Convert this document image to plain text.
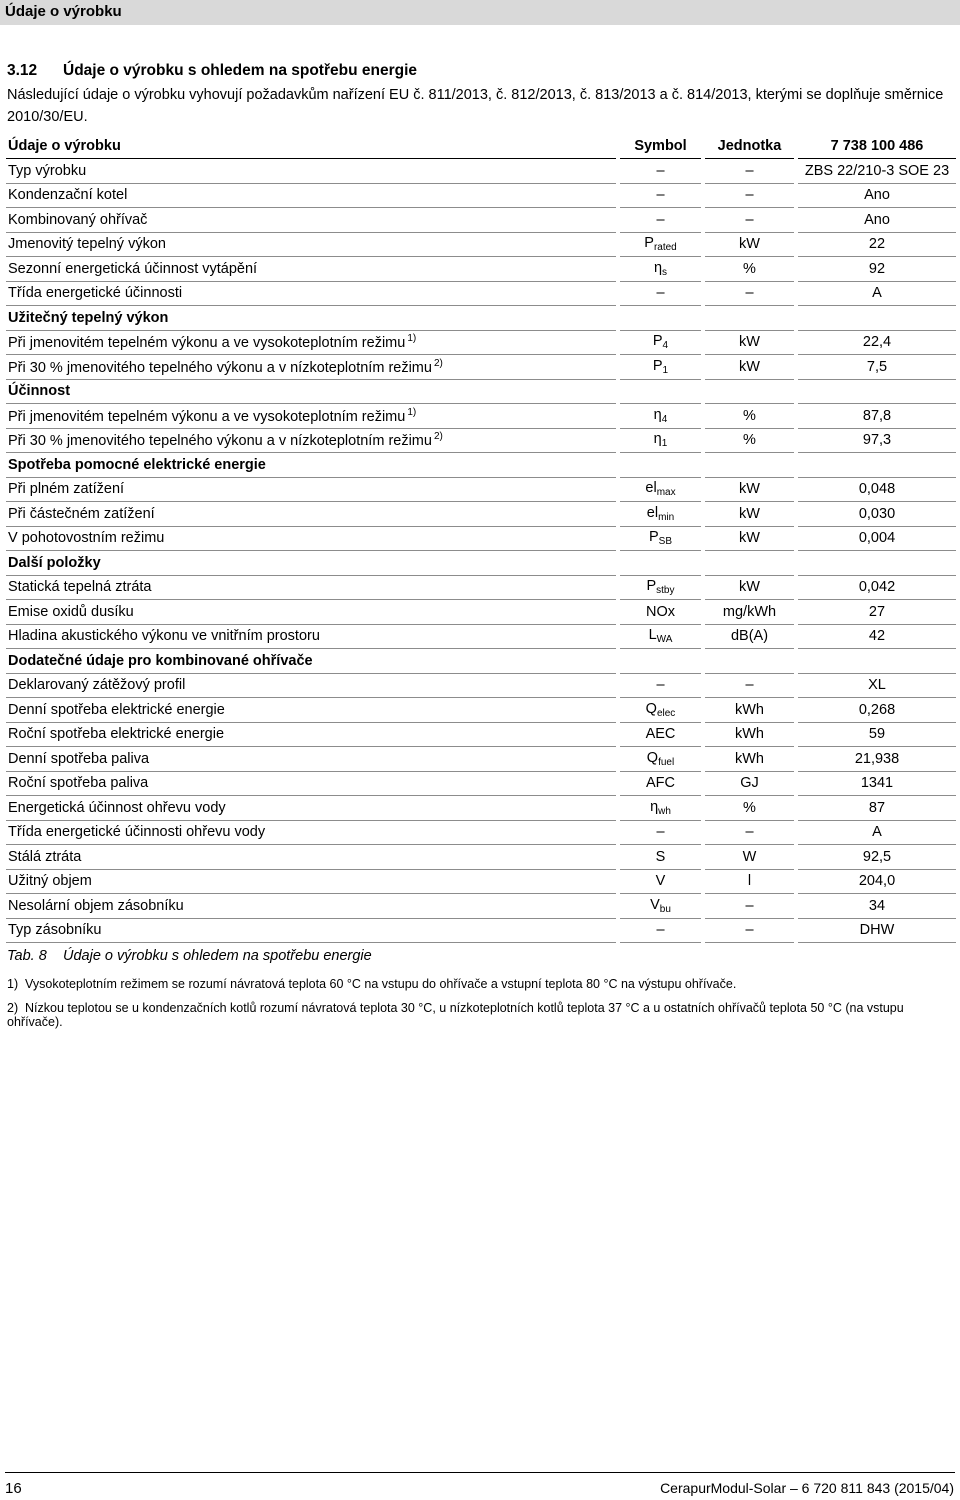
Údaje o výrobku
3.12 Údaje o výrobku s ohledem na spotřebu energie
Následující údaje o výrobku vyhovují požadavkům nařízení EU č. 811/2013, č. 812/2013, č. 813/2013 a č. 814/2013, kterými se doplňuje směrnice 2010/30/EU.
Údaje o výrobku	Symbol	Jednotka	7 738 100 486
Typ výrobku	–	–	ZBS 22/210-3 SOE 23
Kondenzační kotel	–	–	Ano
Kombinovaný ohřívač	–	–	Ano
Jmenovitý tepelný výkon	$P_{rated}$	kW	22
Sezonní energetická účinnost vytápění	$\eta_s$	%	92
Třída energetické účinnosti	–	–	A
Užitečný tepelný výkon			
Při jmenovitém tepelném výkonu a ve vysokoteplotním režimu $^{1)}$	$P_4$	kW	22,4
Při 30 % jmenovitého tepelného výkonu a v nízkoteplotním režimu $^{2)}$	$P_1$	kW	7,5
Účinnost			
Při jmenovitém tepelném výkonu a ve vysokoteplotním režimu $^{1)}$	$\eta_4$	%	87,8
Při 30 % jmenovitého tepelného výkonu a v nízkoteplotním režimu $^{2)}$	$\eta_1$	%	97,3
Spotřeba pomocné elektrické energie			
Při plném zatížení	$el_{max}$	kW	0,048
Při částečném zatížení	$el_{min}$	kW	0,030
V pohotovostním režimu	$P_{SB}$	kW	0,004
Další položky			
Statická tepelná ztráta	$P_{stby}$	kW	0,042
Emise oxidů dusíku	NOx	mg/kWh	27
Hladina akustického výkonu ve vnitřním prostoru	$L_{WA}$	dB(A)	42
Dodatečné údaje pro kombinované ohřívače			
Deklarovaný zátěžový profil	–	–	XL
Denní spotřeba elektrické energie	$Q_{elec}$	kWh	0,268
Roční spotřeba elektrické energie	AEC	kWh	59
Denní spotřeba paliva	$Q_{fuel}$	kWh	21,938
Roční spotřeba paliva	AFC	GJ	1341
Energetická účinnost ohřevu vody	$\eta_{wh}$	%	87
Třída energetické účinnosti ohřevu vody	–	–	A
Stálá ztráta	S	W	92,5
Užitný objem	V	l	204,0
Nesolární objem zásobníku	$V_{bu}$	–	34
Typ zásobníku	–	–	DHW
Tab. 8 Údaje o výrobku s ohledem na spotřebu energie
1) Vysokoteplotním režimem se rozumí návratová teplota 60 °C na vstupu do ohřívače a vstupní teplota 80 °C na výstupu ohřívače.
2) Nízkou teplotou se u kondenzačních kotlů rozumí návratová teplota 30 °C, u nízkoteplotních kotlů teplota 37 °C a u ostatních ohřívačů teplota 50 °C (na vstupu ohřívače).
16	CerapurModul-Solar – 6 720 811 843 (2015/04)
